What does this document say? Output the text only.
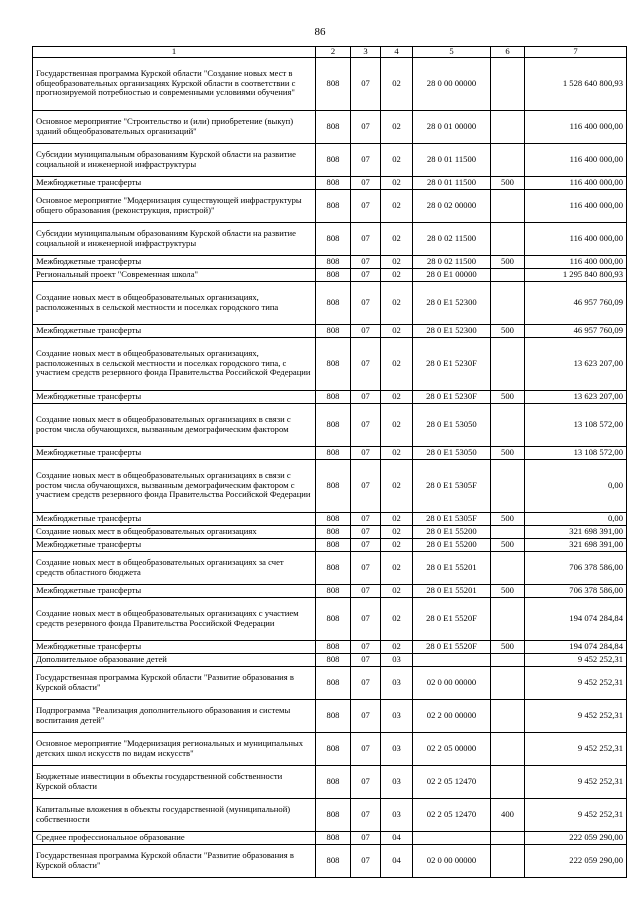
86
1	2	3	4	5	6	7
Государственная программа Курской области "Создание новых мест в общеобразовательных организациях Курской области в соответствии с прогнозируемой потребностью и современными условиями обучения"	808	07	02	28 0 00 00000		1 528 640 800,93
Основное мероприятие "Строительство и (или) приобретение (выкуп) зданий общеобразовательных организаций"	808	07	02	28 0 01 00000		116 400 000,00
Субсидии муниципальным образованиям Курской области на развитие социальной и инженерной инфраструктуры	808	07	02	28 0 01 11500		116 400 000,00
Межбюджетные трансферты	808	07	02	28 0 01 11500	500	116 400 000,00
Основное мероприятие "Модернизация существующей инфраструктуры общего образования (реконструкция, пристрой)"	808	07	02	28 0 02 00000		116 400 000,00
Субсидии муниципальным образованиям Курской области на развитие социальной и инженерной инфраструктуры	808	07	02	28 0 02 11500		116 400 000,00
Межбюджетные трансферты	808	07	02	28 0 02 11500	500	116 400 000,00
Региональный проект "Современная школа"	808	07	02	28 0 E1 00000		1 295 840 800,93
Создание новых мест в общеобразовательных организациях, расположенных в сельской местности и поселках городского типа	808	07	02	28 0 E1 52300		46 957 760,09
Межбюджетные трансферты	808	07	02	28 0 E1 52300	500	46 957 760,09
Создание новых мест в общеобразовательных организациях, расположенных в сельской местности и поселках городского типа, с участием средств резервного фонда Правительства Российской Федерации	808	07	02	28 0 E1 5230F		13 623 207,00
Межбюджетные трансферты	808	07	02	28 0 E1 5230F	500	13 623 207,00
Создание новых мест в общеобразовательных организациях в связи с ростом числа обучающихся, вызванным демографическим фактором	808	07	02	28 0 E1 53050		13 108 572,00
Межбюджетные трансферты	808	07	02	28 0 E1 53050	500	13 108 572,00
Создание новых мест в общеобразовательных организациях в связи с ростом числа обучающихся, вызванным демографическим фактором с участием средств резервного фонда Правительства Российской Федерации	808	07	02	28 0 E1 5305F		0,00
Межбюджетные трансферты	808	07	02	28 0 E1 5305F	500	0,00
Создание новых мест в общеобразовательных организациях	808	07	02	28 0 E1 55200		321 698 391,00
Межбюджетные трансферты	808	07	02	28 0 E1 55200	500	321 698 391,00
Создание новых мест в общеобразовательных организациях за счет средств областного бюджета	808	07	02	28 0 E1 55201		706 378 586,00
Межбюджетные трансферты	808	07	02	28 0 E1 55201	500	706 378 586,00
Создание новых мест в общеобразовательных организациях с участием средств резервного фонда Правительства Российской Федерации	808	07	02	28 0 E1 5520F		194 074 284,84
Межбюджетные трансферты	808	07	02	28 0 E1 5520F	500	194 074 284,84
Дополнительное образование детей	808	07	03			9 452 252,31
Государственная программа Курской области "Развитие образования в Курской области"	808	07	03	02 0 00 00000		9 452 252,31
Подпрограмма "Реализация дополнительного образования и системы воспитания детей"	808	07	03	02 2 00 00000		9 452 252,31
Основное мероприятие "Модернизация региональных и муниципальных детских школ искусств по видам искусств"	808	07	03	02 2 05 00000		9 452 252,31
Бюджетные инвестиции в объекты государственной собственности Курской области	808	07	03	02 2 05 12470		9 452 252,31
Капитальные вложения в объекты государственной (муниципальной) собственности	808	07	03	02 2 05 12470	400	9 452 252,31
Среднее профессиональное образование	808	07	04			222 059 290,00
Государственная программа Курской области "Развитие образования в Курской области"	808	07	04	02 0 00 00000		222 059 290,00
